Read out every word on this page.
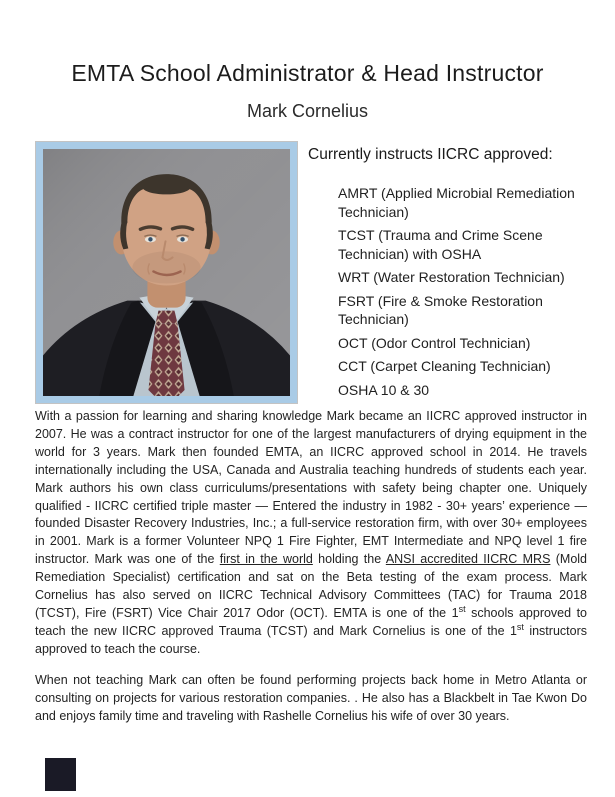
EMTA School Administrator & Head Instructor
Mark Cornelius
Currently instructs IICRC approved:
AMRT (Applied Microbial Remediation Technician)
TCST (Trauma and Crime Scene Technician) with OSHA
WRT (Water Restoration Technician)
FSRT (Fire & Smoke Restoration Technician)
OCT (Odor Control Technician)
CCT (Carpet Cleaning Technician)
OSHA 10 & 30

With a passion for learning and sharing knowledge Mark became an IICRC approved instructor in 2007. He was a contract instructor for one of the largest manufacturers of drying equipment in the world for 3 years. Mark then founded EMTA, an IICRC approved school in 2014. He travels internationally including the USA, Canada and Australia teaching hundreds of students each year. Mark authors his own class curriculums/presentations with safety being chapter one. Uniquely qualified - IICRC certified triple master — Entered the industry in 1982 - 30+ years’ experience — founded Disaster Recovery Industries, Inc.; a full-service restoration firm, with over 30+ employees in 2001. Mark is a former Volunteer NPQ 1 Fire Fighter, EMT Intermediate and NPQ level 1 fire instructor. Mark was one of the first in the world holding the ANSI accredited IICRC MRS (Mold Remediation Specialist) certification and sat on the Beta testing of the exam process. Mark Cornelius has also served on IICRC Technical Advisory Committees (TAC) for Trauma 2018 (TCST), Fire (FSRT) Vice Chair 2017 Odor (OCT). EMTA is one of the 1st schools approved to teach the new IICRC approved Trauma (TCST) and Mark Cornelius is one of the 1st instructors approved to teach the course.

When not teaching Mark can often be found performing projects back home in Metro Atlanta or consulting on projects for various restoration companies. . He also has a Blackbelt in Tae Kwon Do and enjoys family time and traveling with Rashelle Cornelius his wife of over 30 years.
